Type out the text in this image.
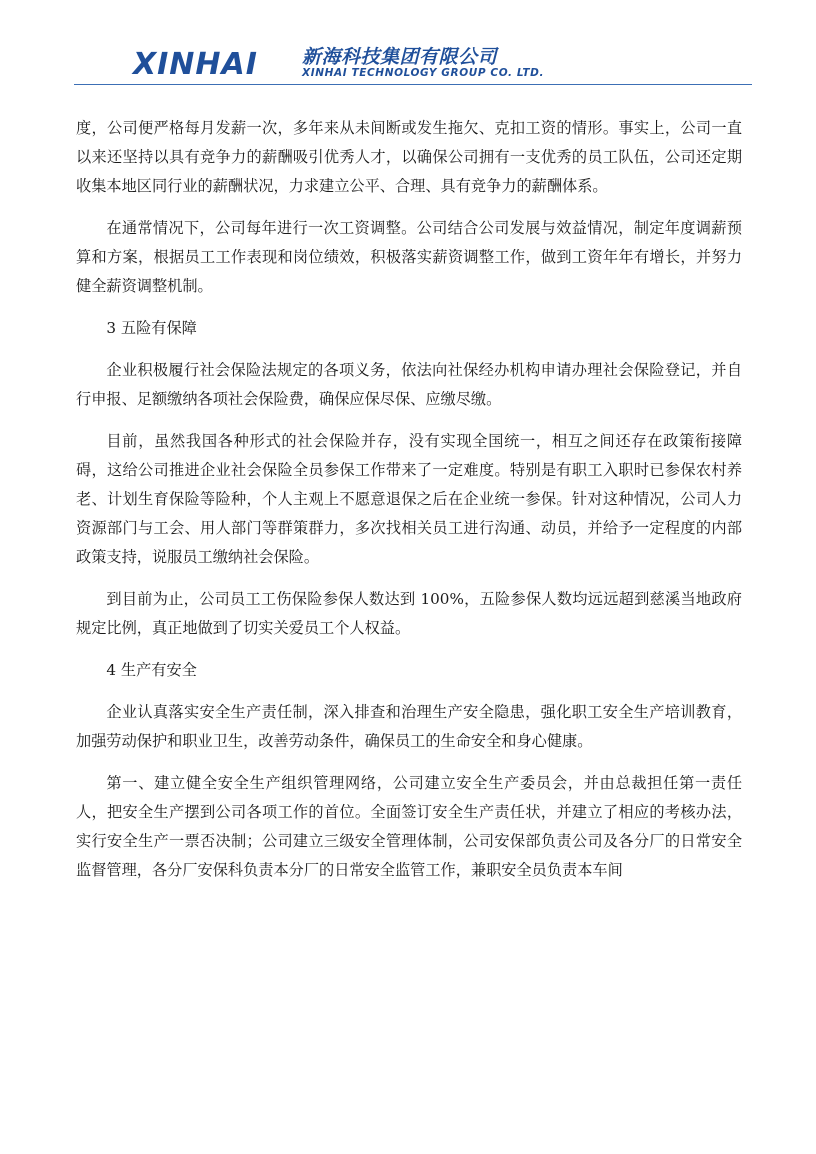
XINHAI 新海科技集团有限公司
XINHAI TECHNOLOGY GROUP CO. LTD.

度，公司便严格每月发薪一次，多年来从未间断或发生拖欠、克扣工资的情形。事实上，公司一直以来还坚持以具有竞争力的薪酬吸引优秀人才，以确保公司拥有一支优秀的员工队伍，公司还定期收集本地区同行业的薪酬状况，力求建立公平、合理、具有竞争力的薪酬体系。

在通常情况下，公司每年进行一次工资调整。公司结合公司发展与效益情况，制定年度调薪预算和方案，根据员工工作表现和岗位绩效，积极落实薪资调整工作，做到工资年年有增长，并努力健全薪资调整机制。

3 五险有保障

企业积极履行社会保险法规定的各项义务，依法向社保经办机构申请办理社会保险登记，并自行申报、足额缴纳各项社会保险费，确保应保尽保、应缴尽缴。

目前，虽然我国各种形式的社会保险并存，没有实现全国统一，相互之间还存在政策衔接障碍，这给公司推进企业社会保险全员参保工作带来了一定难度。特别是有职工入职时已参保农村养老、计划生育保险等险种，个人主观上不愿意退保之后在企业统一参保。针对这种情况，公司人力资源部门与工会、用人部门等群策群力，多次找相关员工进行沟通、动员，并给予一定程度的内部政策支持，说服员工缴纳社会保险。

到目前为止，公司员工工伤保险参保人数达到 100%，五险参保人数均远远超到慈溪当地政府规定比例，真正地做到了切实关爱员工个人权益。

4 生产有安全

企业认真落实安全生产责任制，深入排查和治理生产安全隐患，强化职工安全生产培训教育，加强劳动保护和职业卫生，改善劳动条件，确保员工的生命安全和身心健康。

第一、建立健全安全生产组织管理网络，公司建立安全生产委员会，并由总裁担任第一责任人，把安全生产摆到公司各项工作的首位。全面签订安全生产责任状，并建立了相应的考核办法，实行安全生产一票否决制；公司建立三级安全管理体制，公司安保部负责公司及各分厂的日常安全监督管理，各分厂安保科负责本分厂的日常安全监管工作，兼职安全员负责本车间
